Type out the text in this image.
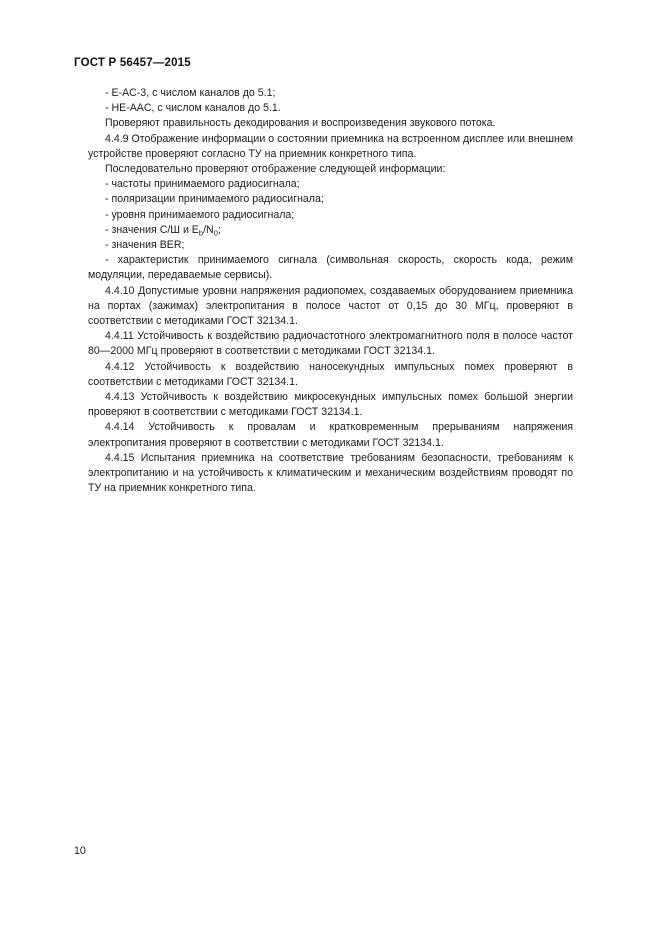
ГОСТ Р 56457—2015

- E-AC-3, с числом каналов до 5.1;

- HE-AAC, с числом каналов до 5.1.

Проверяют правильность декодирования и воспроизведения звукового потока.

4.4.9 Отображение информации о состоянии приемника на встроенном дисплее или внешнем устройстве проверяют согласно ТУ на приемник конкретного типа.

Последовательно проверяют отображение следующей информации:

- частоты принимаемого радиосигнала;

- поляризации принимаемого радиосигнала;

- уровня принимаемого радиосигнала;

- значения С/Ш и $E_b/N_0$;

- значения BER;

- характеристик принимаемого сигнала (символьная скорость, скорость кода, режим модуляции, передаваемые сервисы).

4.4.10 Допустимые уровни напряжения радиопомех, создаваемых оборудованием приемника на портах (зажимах) электропитания в полосе частот от 0,15 до 30 МГц, проверяют в соответствии с методиками ГОСТ 32134.1.

4.4.11 Устойчивость к воздействию радиочастотного электромагнитного поля в полосе частот 80—2000 МГц проверяют в соответствии с методиками ГОСТ 32134.1.

4.4.12 Устойчивость к воздействию наносекундных импульсных помех проверяют в соответствии с методиками ГОСТ 32134.1.

4.4.13 Устойчивость к воздействию микросекундных импульсных помех большой энергии проверяют в соответствии с методиками ГОСТ 32134.1.

4.4.14 Устойчивость к провалам и кратковременным прерываниям напряжения электропитания проверяют в соответствии с методиками ГОСТ 32134.1.

4.4.15 Испытания приемника на соответствие требованиям безопасности, требованиям к электропитанию и на устойчивость к климатическим и механическим воздействиям проводят по ТУ на приемник конкретного типа.

10
